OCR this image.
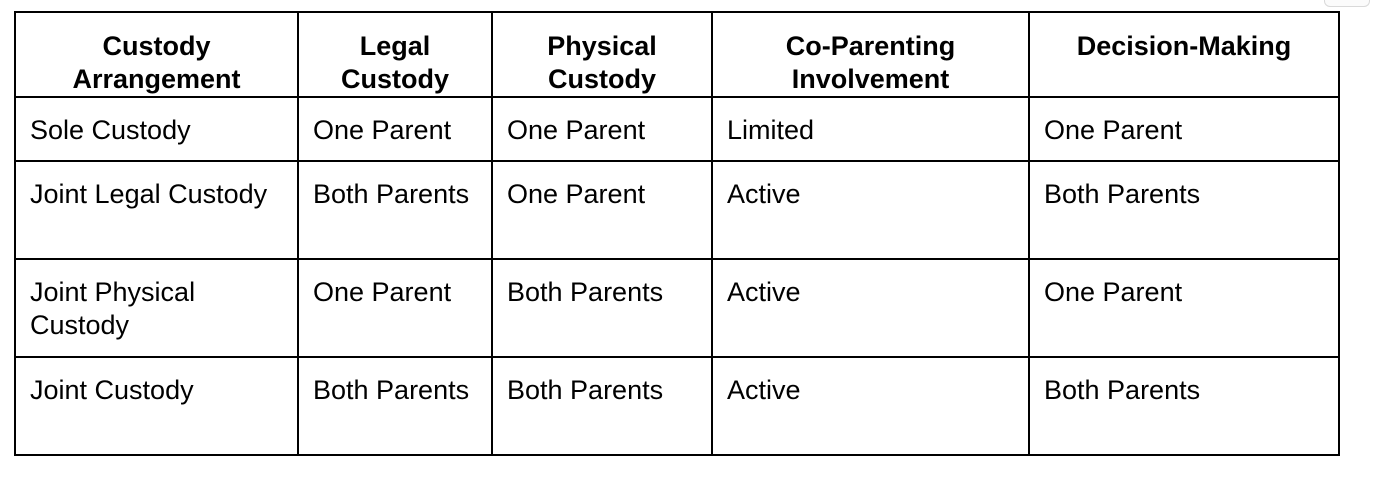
Custody Arrangement	Legal Custody	Physical Custody	Co-Parenting Involvement	Decision-Making
Sole Custody	One Parent	One Parent	Limited	One Parent
Joint Legal Custody	Both Parents	One Parent	Active	Both Parents
Joint Physical Custody	One Parent	Both Parents	Active	One Parent
Joint Custody	Both Parents	Both Parents	Active	Both Parents
